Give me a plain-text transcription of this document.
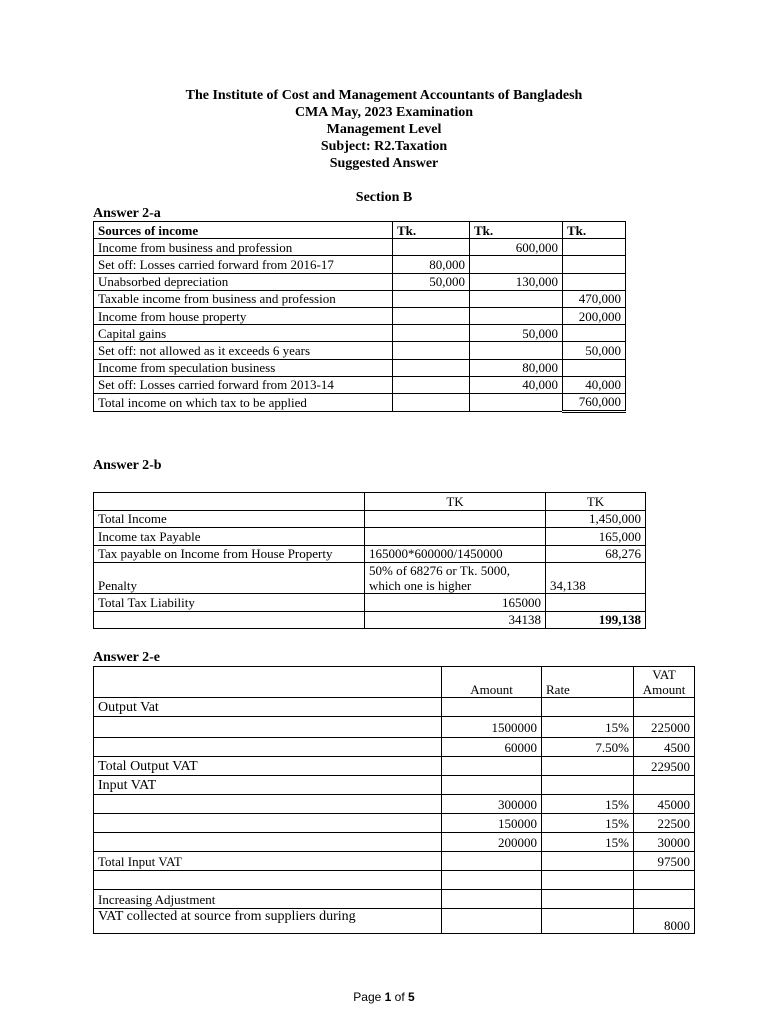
The Institute of Cost and Management Accountants of Bangladesh
CMA May, 2023 Examination
Management Level
Subject: R2.Taxation
Suggested Answer
Section B
Answer 2-a
Sources of income	Tk.	Tk.	Tk.
Income from business and profession		600,000	
Set off: Losses carried forward from 2016-17	80,000		
Unabsorbed depreciation	50,000	130,000	
Taxable income from business and profession			470,000
Income from house property			200,000
Capital gains		50,000	
Set off: not allowed as it exceeds 6 years			50,000
Income from speculation business		80,000	
Set off: Losses carried forward from 2013-14		40,000	40,000
Total income on which tax to be applied			760,000
Answer 2-b
	TK	TK
Total Income		1,450,000
Income tax Payable		165,000
Tax payable on Income from House Property	165000*600000/1450000	68,276
Penalty	50% of 68276 or Tk. 5000, which one is higher	34,138
Total Tax Liability	165000	
	34138	199,138
Answer 2-e
	Amount	Rate	VAT Amount
Output Vat			
	1500000	15%	225000
	60000	7.50%	4500
Total Output VAT			229500
Input VAT			
	300000	15%	45000
	150000	15%	22500
	200000	15%	30000
Total Input VAT			97500

Increasing Adjustment			
VAT collected at source from suppliers during			8000
Page 1 of 5
